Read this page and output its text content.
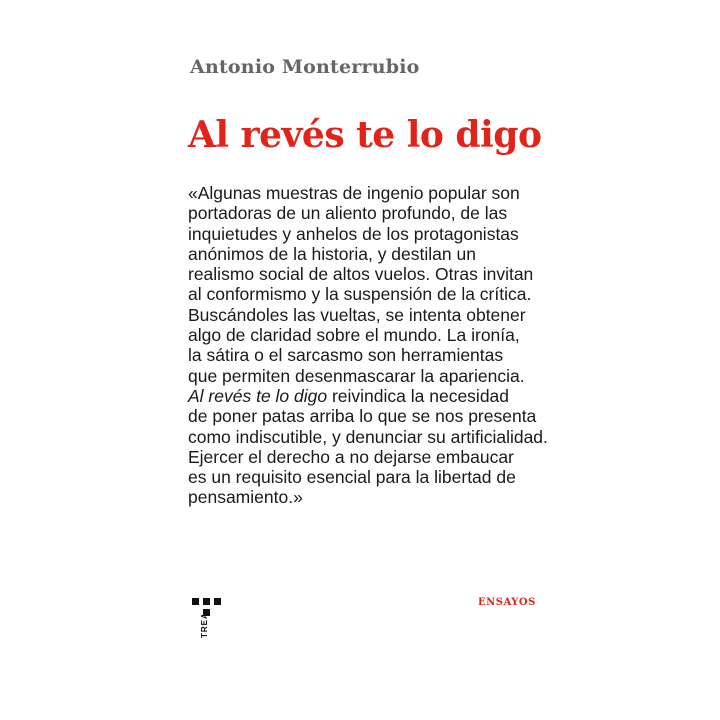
Antonio Monterrubio
Al revés te lo digo
«Algunas muestras de ingenio popular son
portadoras de un aliento profundo, de las
inquietudes y anhelos de los protagonistas
anónimos de la historia, y destilan un
realismo social de altos vuelos. Otras invitan
al conformismo y la suspensión de la crítica.
Buscándoles las vueltas, se intenta obtener
algo de claridad sobre el mundo. La ironía,
la sátira o el sarcasmo son herramientas
que permiten desenmascarar la apariencia.
Al revés te lo digo reivindica la necesidad
de poner patas arriba lo que se nos presenta
como indiscutible, y denunciar su artificialidad.
Ejercer el derecho a no dejarse embaucar
es un requisito esencial para la libertad de
pensamiento.»
TREA
ENSAYOS
